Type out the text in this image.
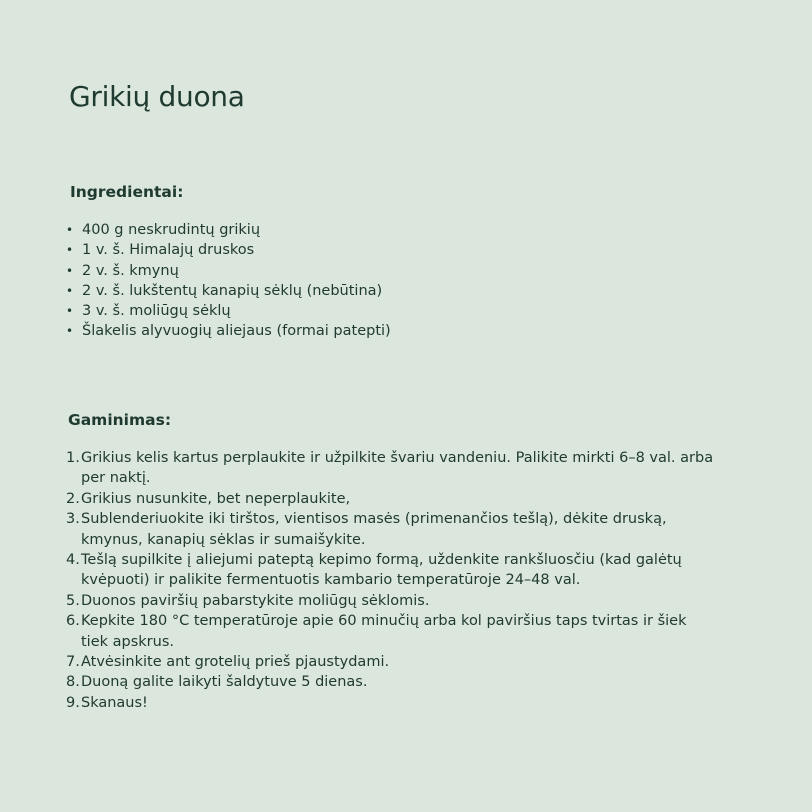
Grikių duona
Ingredientai:
• 400 g neskrudintų grikių
• 1 v. š. Himalajų druskos
• 2 v. š. kmynų
• 2 v. š. lukštentų kanapių sėklų (nebūtina)
• 3 v. š. moliūgų sėklų
• Šlakelis alyvuogių aliejaus (formai patepti)
Gaminimas:
1. Grikius kelis kartus perplaukite ir užpilkite švariu vandeniu. Palikite mirkti 6–8 val. arba per naktį.
2. Grikius nusunkite, bet neperplaukite,
3. Sublenderiuokite iki tirštos, vientisos masės (primenančios tešlą), dėkite druską, kmynus, kanapių sėklas ir sumaišykite.
4. Tešlą supilkite į aliejumi pateptą kepimo formą, uždenkite rankšluosčiu (kad galėtų kvėpuoti) ir palikite fermentuotis kambario temperatūroje 24–48 val.
5. Duonos paviršių pabarstykite moliūgų sėklomis.
6. Kepkite 180 °C temperatūroje apie 60 minučių arba kol paviršius taps tvirtas ir šiek tiek apskrus.
7. Atvėsinkite ant grotelių prieš pjaustydami.
8. Duoną galite laikyti šaldytuve 5 dienas.
9. Skanaus!
